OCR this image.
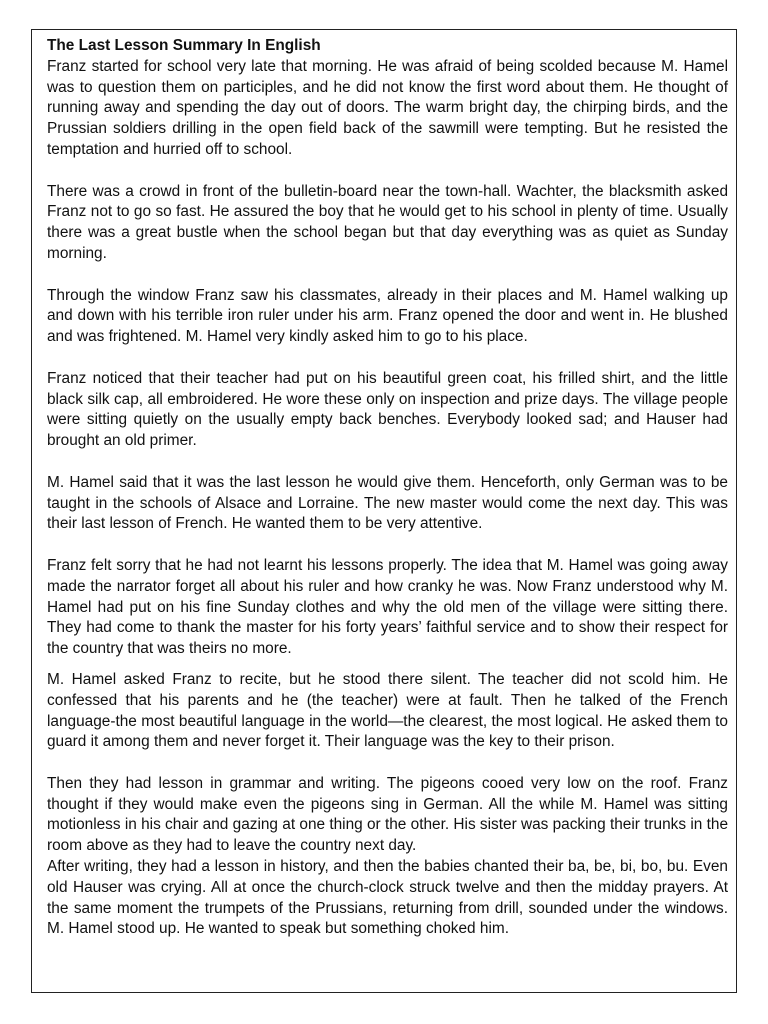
The Last Lesson Summary In English

Franz started for school very late that morning. He was afraid of being scolded because M. Hamel was to question them on participles, and he did not know the first word about them. He thought of running away and spending the day out of doors. The warm bright day, the chirping birds, and the Prussian soldiers drilling in the open field back of the sawmill were tempting. But he resisted the temptation and hurried off to school.

There was a crowd in front of the bulletin-board near the town-hall. Wachter, the blacksmith asked Franz not to go so fast. He assured the boy that he would get to his school in plenty of time. Usually there was a great bustle when the school began but that day everything was as quiet as Sunday morning.

Through the window Franz saw his classmates, already in their places and M. Hamel walking up and down with his terrible iron ruler under his arm. Franz opened the door and went in. He blushed and was frightened. M. Hamel very kindly asked him to go to his place.

Franz noticed that their teacher had put on his beautiful green coat, his frilled shirt, and the little black silk cap, all embroidered. He wore these only on inspection and prize days. The village people were sitting quietly on the usually empty back benches. Everybody looked sad; and Hauser had brought an old primer.

M. Hamel said that it was the last lesson he would give them. Henceforth, only German was to be taught in the schools of Alsace and Lorraine. The new master would come the next day. This was their last lesson of French. He wanted them to be very attentive.

Franz felt sorry that he had not learnt his lessons properly. The idea that M. Hamel was going away made the narrator forget all about his ruler and how cranky he was. Now Franz understood why M. Hamel had put on his fine Sunday clothes and why the old men of the village were sitting there. They had come to thank the master for his forty years’ faithful service and to show their respect for the country that was theirs no more.

M. Hamel asked Franz to recite, but he stood there silent. The teacher did not scold him. He confessed that his parents and he (the teacher) were at fault. Then he talked of the French language-the most beautiful language in the world—the clearest, the most logical. He asked them to guard it among them and never forget it. Their language was the key to their prison.

Then they had lesson in grammar and writing. The pigeons cooed very low on the roof. Franz thought if they would make even the pigeons sing in German. All the while M. Hamel was sitting motionless in his chair and gazing at one thing or the other. His sister was packing their trunks in the room above as they had to leave the country next day.

After writing, they had a lesson in history, and then the babies chanted their ba, be, bi, bo, bu. Even old Hauser was crying. All at once the church-clock struck twelve and then the midday prayers. At the same moment the trumpets of the Prussians, returning from drill, sounded under the windows. M. Hamel stood up. He wanted to speak but something choked him.
